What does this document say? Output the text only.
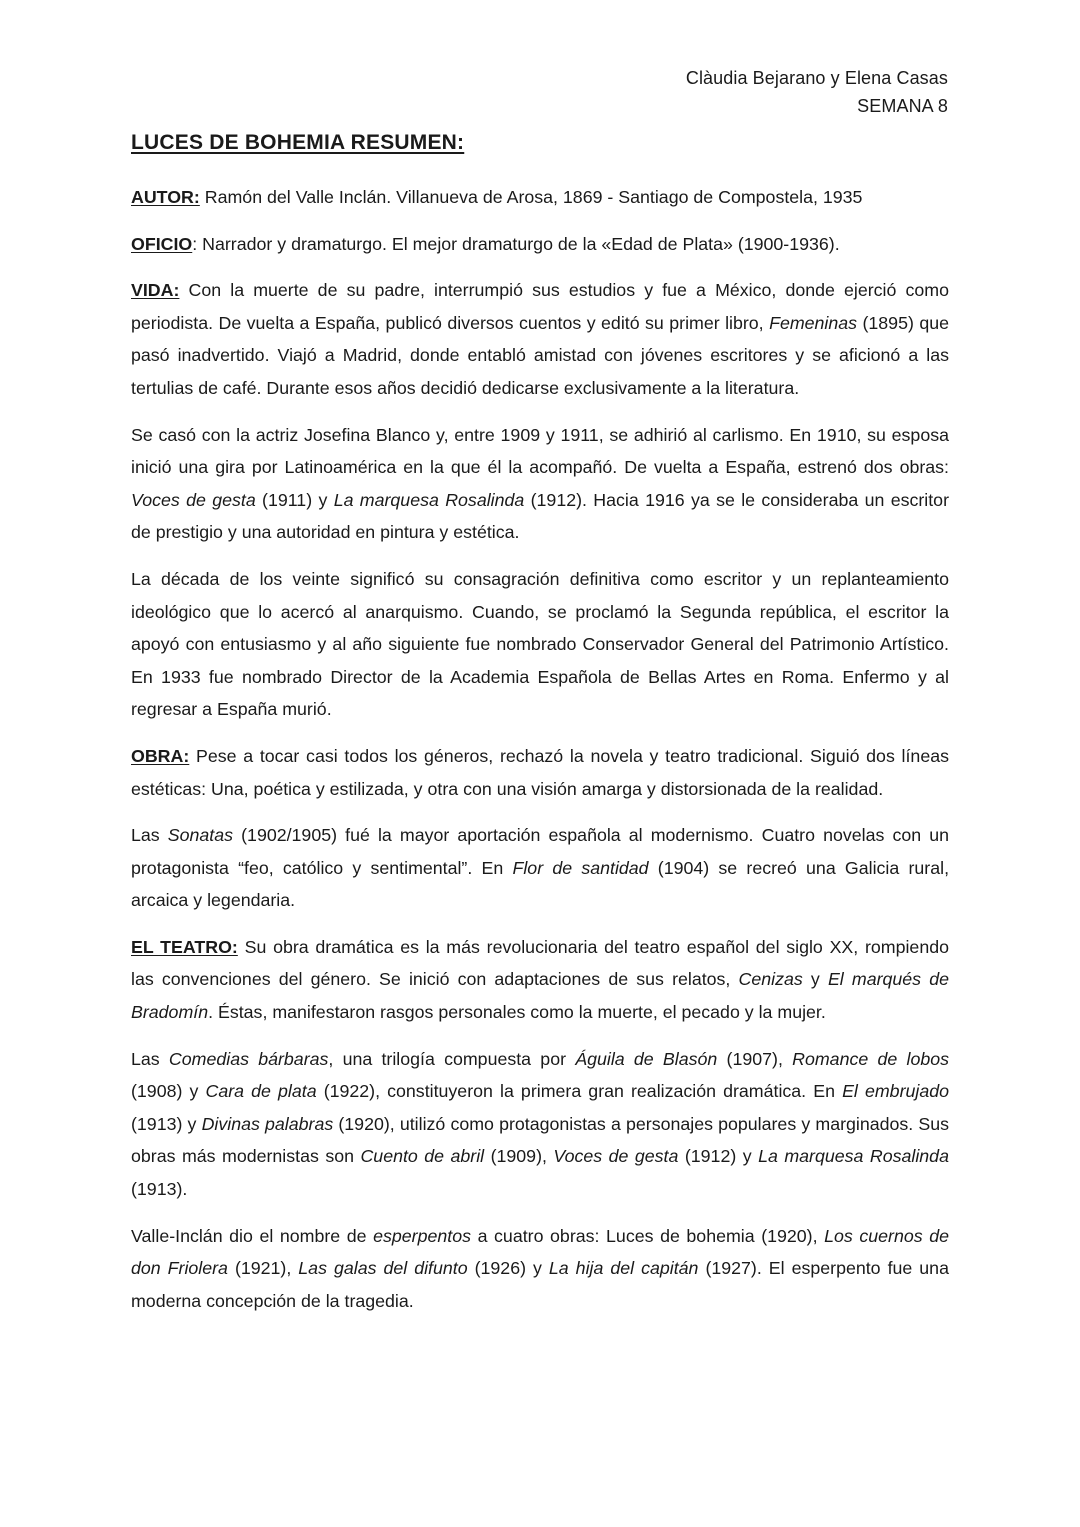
Clàudia Bejarano y Elena Casas
SEMANA 8
LUCES DE BOHEMIA RESUMEN:

AUTOR: Ramón del Valle Inclán. Villanueva de Arosa, 1869 - Santiago de Compostela, 1935

OFICIO: Narrador y dramaturgo. El mejor dramaturgo de la «Edad de Plata» (1900-1936).

VIDA: Con la muerte de su padre, interrumpió sus estudios y fue a México, donde ejerció como periodista. De vuelta a España, publicó diversos cuentos y editó su primer libro, Femeninas (1895) que pasó inadvertido. Viajó a Madrid, donde entabló amistad con jóvenes escritores y se aficionó a las tertulias de café. Durante esos años decidió dedicarse exclusivamente a la literatura.

Se casó con la actriz Josefina Blanco y, entre 1909 y 1911, se adhirió al carlismo. En 1910, su esposa inició una gira por Latinoamérica en la que él la acompañó. De vuelta a España, estrenó dos obras: Voces de gesta (1911) y La marquesa Rosalinda (1912). Hacia 1916 ya se le consideraba un escritor de prestigio y una autoridad en pintura y estética.

La década de los veinte significó su consagración definitiva como escritor y un replanteamiento ideológico que lo acercó al anarquismo. Cuando, se proclamó la Segunda república, el escritor la apoyó con entusiasmo y al año siguiente fue nombrado Conservador General del Patrimonio Artístico. En 1933 fue nombrado Director de la Academia Española de Bellas Artes en Roma. Enfermo y al regresar a España murió.

OBRA: Pese a tocar casi todos los géneros, rechazó la novela y teatro tradicional. Siguió dos líneas estéticas: Una, poética y estilizada, y otra con una visión amarga y distorsionada de la realidad.

Las Sonatas (1902/1905) fué la mayor aportación española al modernismo. Cuatro novelas con un protagonista “feo, católico y sentimental”. En Flor de santidad (1904) se recreó una Galicia rural, arcaica y legendaria.

EL TEATRO: Su obra dramática es la más revolucionaria del teatro español del siglo XX, rompiendo las convenciones del género. Se inició con adaptaciones de sus relatos, Cenizas y El marqués de Bradomín. Éstas, manifestaron rasgos personales como la muerte, el pecado y la mujer.

Las Comedias bárbaras, una trilogía compuesta por Águila de Blasón (1907), Romance de lobos (1908) y Cara de plata (1922), constituyeron la primera gran realización dramática. En El embrujado (1913) y Divinas palabras (1920), utilizó como protagonistas a personajes populares y marginados. Sus obras más modernistas son Cuento de abril (1909), Voces de gesta (1912) y La marquesa Rosalinda (1913).

Valle-Inclán dio el nombre de esperpentos a cuatro obras: Luces de bohemia (1920), Los cuernos de don Friolera (1921), Las galas del difunto (1926) y La hija del capitán (1927). El esperpento fue una moderna concepción de la tragedia.
